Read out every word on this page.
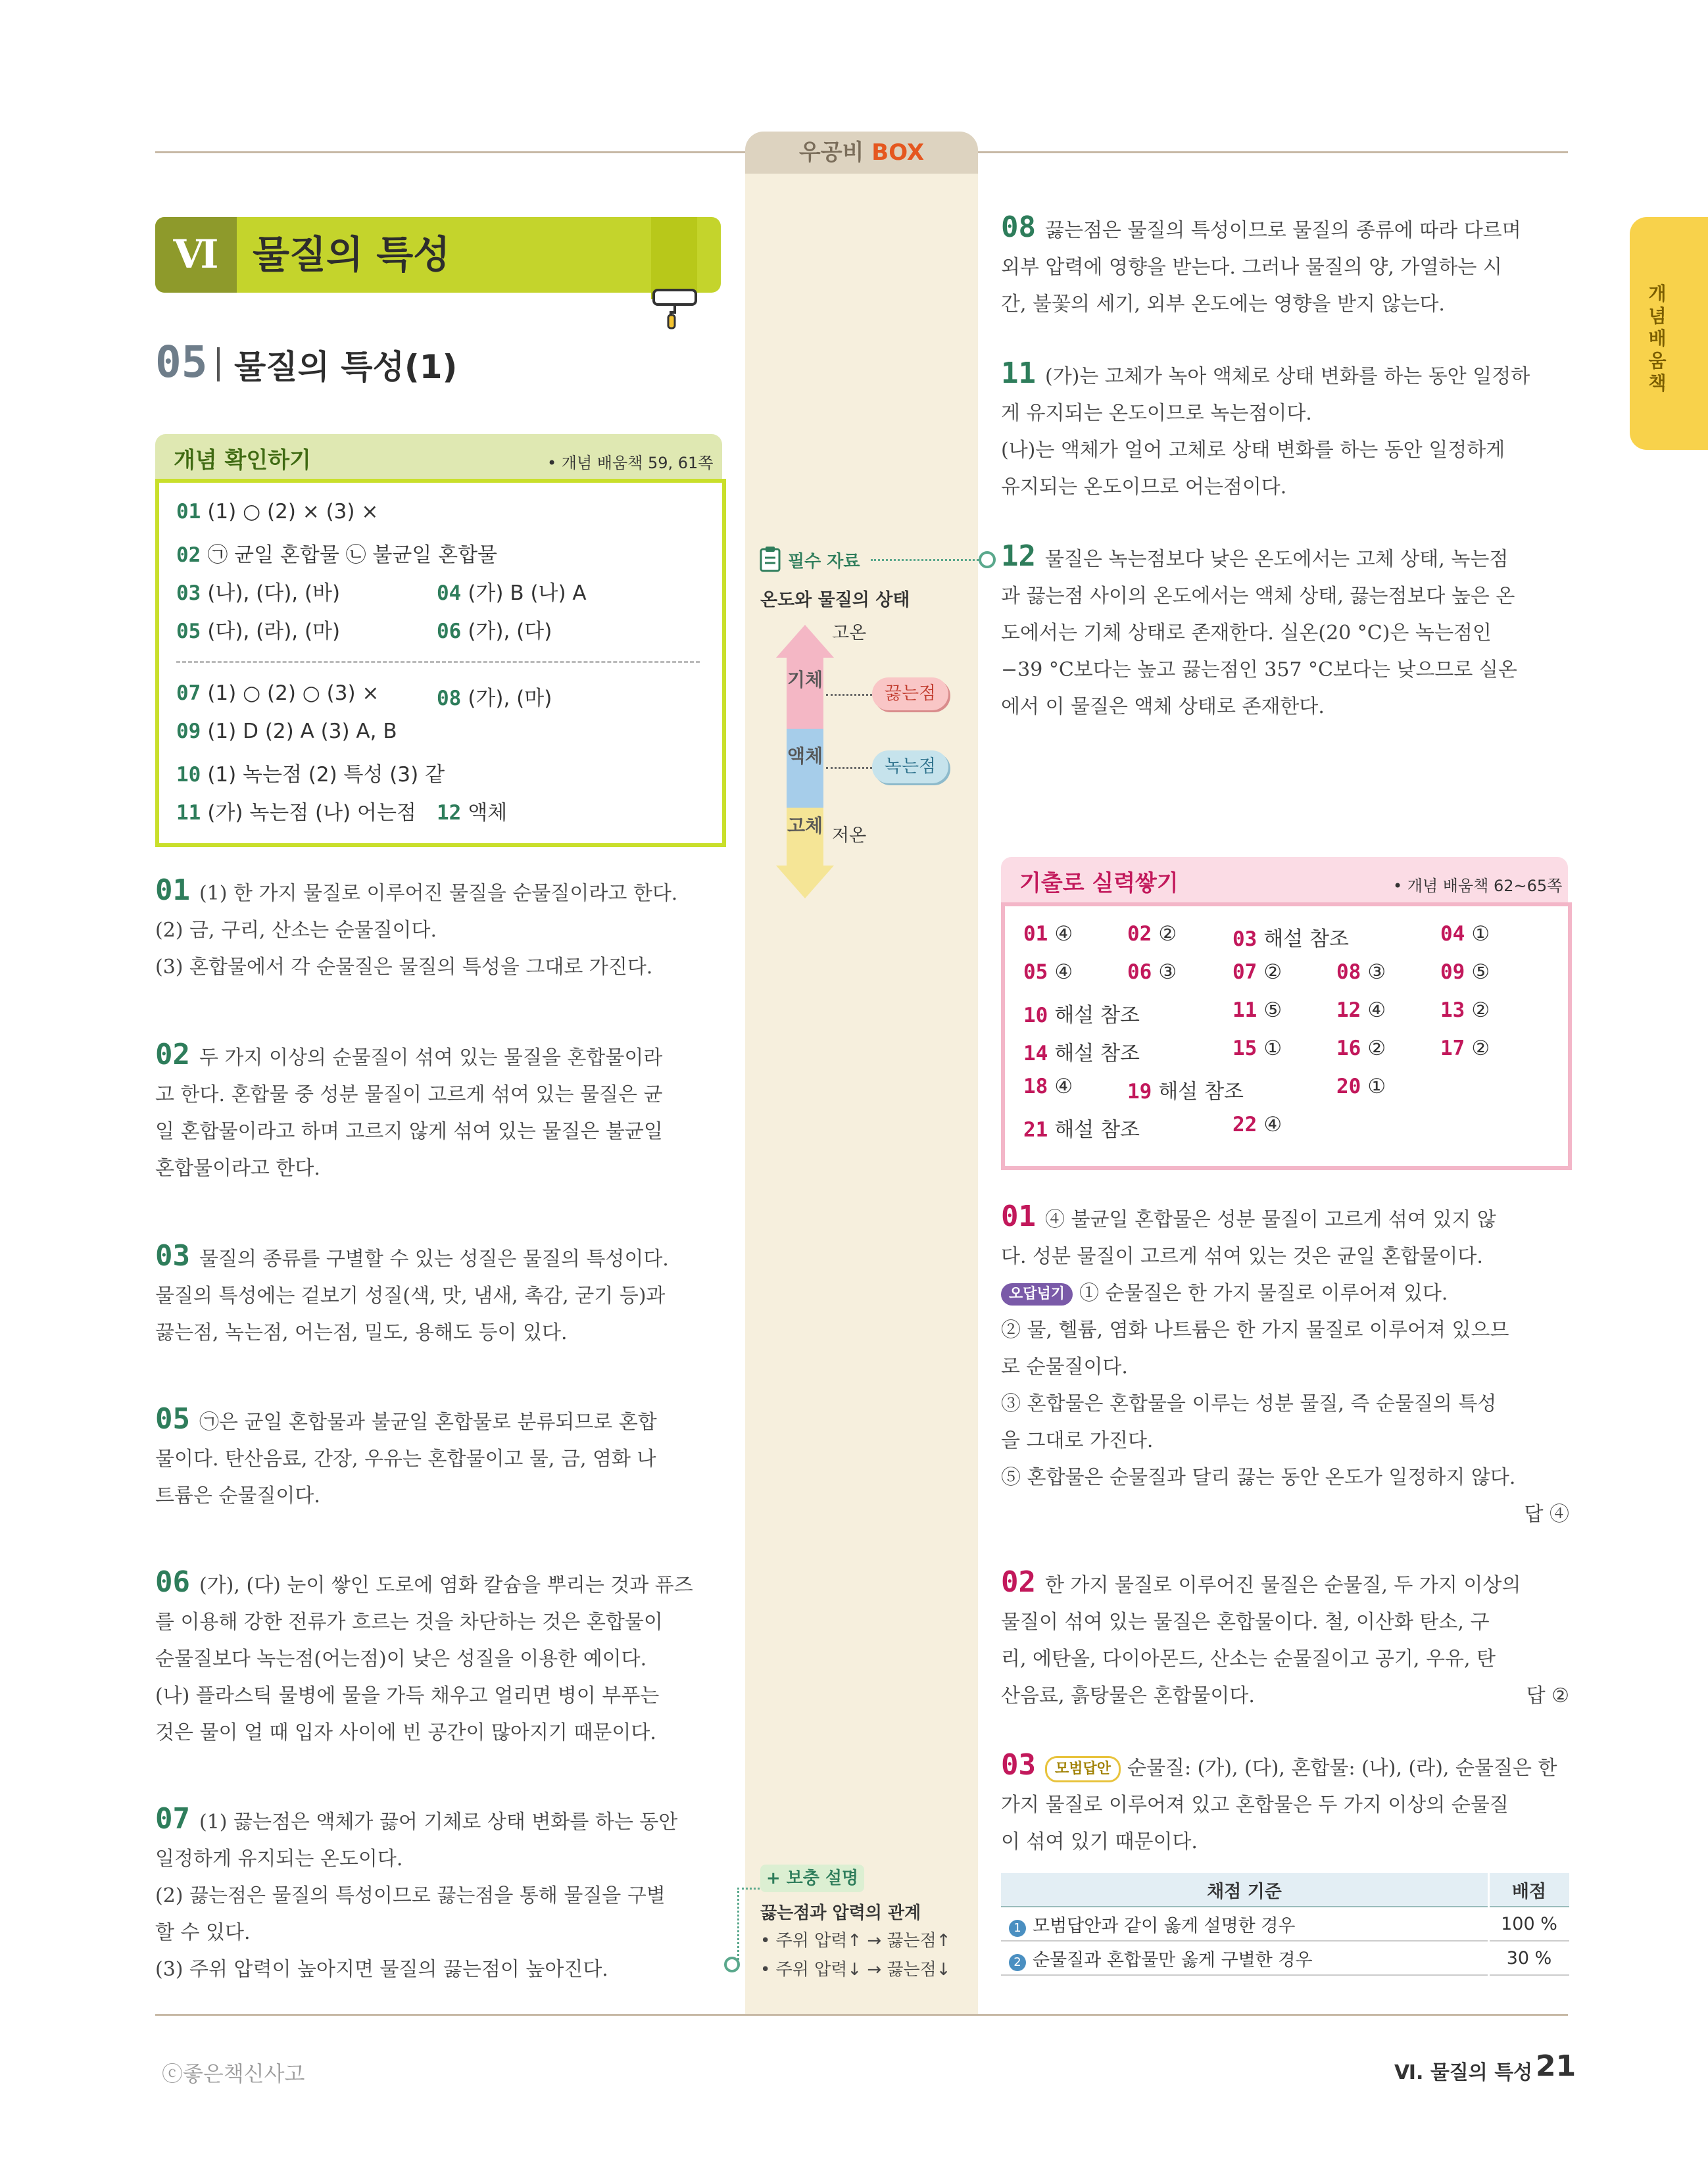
우공비 BOX
개념 배움책
Ⅵ 물질의 특성
05 물질의 특성(1)
개념 확인하기	• 개념 배움책 59, 61쪽
01 (1) ○ (2) × (3) ×
02 ㉠ 균일 혼합물 ㉡ 불균일 혼합물
03 (나), (다), (바)	04 (가) B (나) A
05 (다), (라), (마)	06 (가), (다)
07 (1) ○ (2) ○ (3) ×	08 (가), (마)
09 (1) D (2) A (3) A, B
10 (1) 녹는점 (2) 특성 (3) 같
11 (가) 녹는점 (나) 어는점 12 액체

01 (1) 한 가지 물질로 이루어진 물질을 순물질이라고 한다.

(2) 금, 구리, 산소는 순물질이다.

(3) 혼합물에서 각 순물질은 물질의 특성을 그대로 가진다.

02 두 가지 이상의 순물질이 섞여 있는 물질을 혼합물이라

고 한다. 혼합물 중 성분 물질이 고르게 섞여 있는 물질은 균

일 혼합물이라고 하며 고르지 않게 섞여 있는 물질은 불균일

혼합물이라고 한다.

03 물질의 종류를 구별할 수 있는 성질은 물질의 특성이다.

물질의 특성에는 겉보기 성질(색, 맛, 냄새, 촉감, 굳기 등)과

끓는점, 녹는점, 어는점, 밀도, 용해도 등이 있다.

05 ㉠은 균일 혼합물과 불균일 혼합물로 분류되므로 혼합

물이다. 탄산음료, 간장, 우유는 혼합물이고 물, 금, 염화 나

트륨은 순물질이다.

06 (가), (다) 눈이 쌓인 도로에 염화 칼슘을 뿌리는 것과 퓨즈

를 이용해 강한 전류가 흐르는 것을 차단하는 것은 혼합물이

순물질보다 녹는점(어는점)이 낮은 성질을 이용한 예이다.

(나) 플라스틱 물병에 물을 가득 채우고 얼리면 병이 부푸는

것은 물이 얼 때 입자 사이에 빈 공간이 많아지기 때문이다.

07 (1) 끓는점은 액체가 끓어 기체로 상태 변화를 하는 동안

일정하게 유지되는 온도이다.

(2) 끓는점은 물질의 특성이므로 끓는점을 통해 물질을 구별

할 수 있다.

(3) 주위 압력이 높아지면 물질의 끓는점이 높아진다.

필수 자료
온도와 물질의 상태
기체
액체
고체
고온
저온
끓는점
녹는점
+ 보충 설명
끓는점과 압력의 관계
• 주위 압력↑ → 끓는점↑
• 주위 압력↓ → 끓는점↓

08 끓는점은 물질의 특성이므로 물질의 종류에 따라 다르며

외부 압력에 영향을 받는다. 그러나 물질의 양, 가열하는 시

간, 불꽃의 세기, 외부 온도에는 영향을 받지 않는다.

11 (가)는 고체가 녹아 액체로 상태 변화를 하는 동안 일정하

게 유지되는 온도이므로 녹는점이다.

(나)는 액체가 얼어 고체로 상태 변화를 하는 동안 일정하게

유지되는 온도이므로 어는점이다.

12 물질은 녹는점보다 낮은 온도에서는 고체 상태, 녹는점

과 끓는점 사이의 온도에서는 액체 상태, 끓는점보다 높은 온

도에서는 기체 상태로 존재한다. 실온(20 °C)은 녹는점인

−39 °C보다는 높고 끓는점인 357 °C보다는 낮으므로 실온

에서 이 물질은 액체 상태로 존재한다.

기출로 실력쌓기	• 개념 배움책 62~65쪽
01 ④	02 ②	03 해설 참조	04 ①
05 ④	06 ③	07 ②	08 ③	09 ⑤
10 해설 참조	11 ⑤	12 ④	13 ②
14 해설 참조	15 ①	16 ②	17 ②
18 ④	19 해설 참조	20 ①
21 해설 참조	22 ④

01 ④ 불균일 혼합물은 성분 물질이 고르게 섞여 있지 않

다. 성분 물질이 고르게 섞여 있는 것은 균일 혼합물이다.

오답넘기 ① 순물질은 한 가지 물질로 이루어져 있다.

② 물, 헬륨, 염화 나트륨은 한 가지 물질로 이루어져 있으므

로 순물질이다.

③ 혼합물은 혼합물을 이루는 성분 물질, 즉 순물질의 특성

을 그대로 가진다.

⑤ 혼합물은 순물질과 달리 끓는 동안 온도가 일정하지 않다.

답 ④

02 한 가지 물질로 이루어진 물질은 순물질, 두 가지 이상의

물질이 섞여 있는 물질은 혼합물이다. 철, 이산화 탄소, 구

리, 에탄올, 다이아몬드, 산소는 순물질이고 공기, 우유, 탄

답 ②
산음료, 흙탕물은 혼합물이다.

03 모범답안 순물질: (가), (다), 혼합물: (나), (라), 순물질은 한

가지 물질로 이루어져 있고 혼합물은 두 가지 이상의 순물질

이 섞여 있기 때문이다.

채점 기준	배점
1 모범답안과 같이 옳게 설명한 경우	100 %
2 순물질과 혼합물만 옳게 구별한 경우	30 %
ⓒ좋은책신사고	Ⅵ. 물질의 특성 21
